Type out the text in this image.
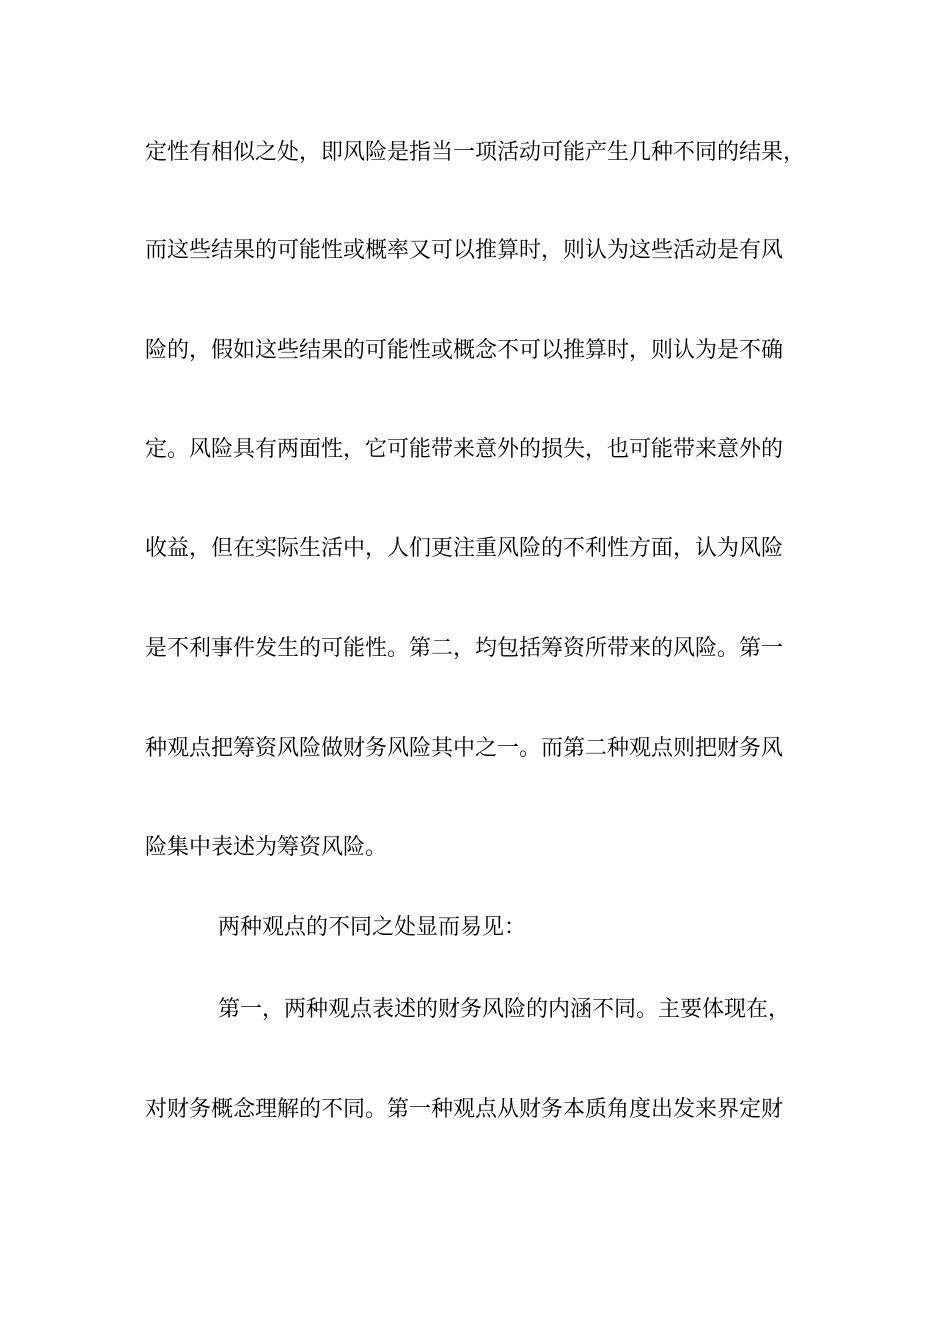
定性有相似之处，即风险是指当一项活动可能产生几种不同的结果，
而这些结果的可能性或概率又可以推算时，则认为这些活动是有风
险的，假如这些结果的可能性或概念不可以推算时，则认为是不确
定。风险具有两面性，它可能带来意外的损失，也可能带来意外的
收益，但在实际生活中，人们更注重风险的不利性方面，认为风险
是不利事件发生的可能性。第二，均包括筹资所带来的风险。第一
种观点把筹资风险做财务风险其中之一。而第二种观点则把财务风
险集中表述为筹资风险。
两种观点的不同之处显而易见：
第一，两种观点表述的财务风险的内涵不同。主要体现在，
对财务概念理解的不同。第一种观点从财务本质角度出发来界定财
